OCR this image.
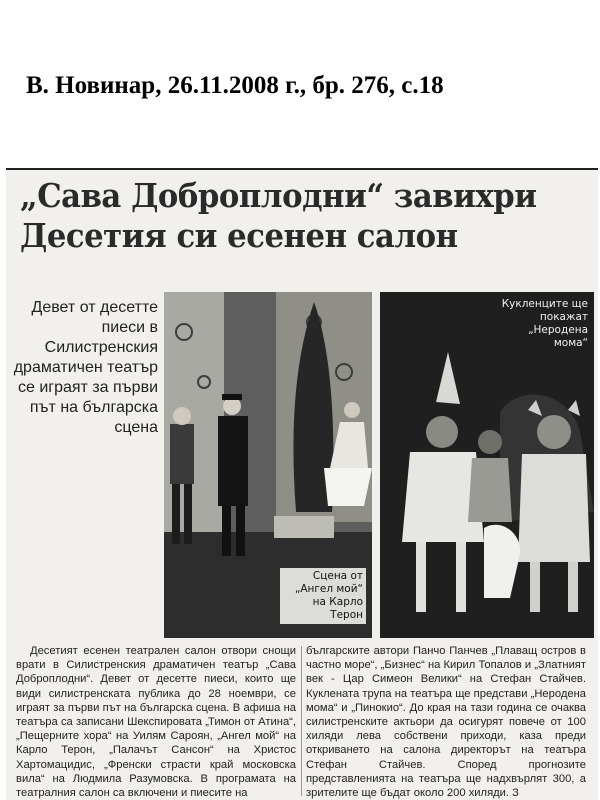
В. Новинар, 26.11.2008 г., бр. 276, с.18
„Сава Доброплодни“ завихри
Десетия си есенен салон
Девет от десетте пиеси в Силистренския драматичен театър се играят за първи път на българска сцена
Сцена от „Ангел мой“ на Карло Терон
Кукленците ще покажат „Неродена мома“
Десетият есенен театрален салон отвори снощи врати в Силистренския драматичен театър „Сава Доброплодни“. Девет от десетте пиеси, които ще види силистренската публика до 28 ноември, се играят за първи път на българска сцена. В афиша на театъра са записани Шекспировата „Тимон от Атина“, „Пещерните хора“ на Уилям Сароян, „Ангел мой“ на Карло Терон, „Палачът Сансон“ на Христос Хартомацидис, „Френски страсти край московска вила“ на Людмила Разумовска. В програмата на театралния салон са включени и пиесите на
българските автори Панчо Панчев „Плаващ остров в частно море“, „Бизнес“ на Кирил Топалов и „Златният век - Цар Симеон Велики“ на Стефан Стайчев. Куклената трупа на театъра ще представи „Неродена мома“ и „Пинокио“. До края на тази година се очаква силистренските актьори да осигурят повече от 100 хиляди лева собствени приходи, каза преди откриването на салона директорът на театъра Стефан Стайчев. Според прогнозите представленията на театъра ще надхвърлят 300, а зрителите ще бъдат около 200 хиляди. З
